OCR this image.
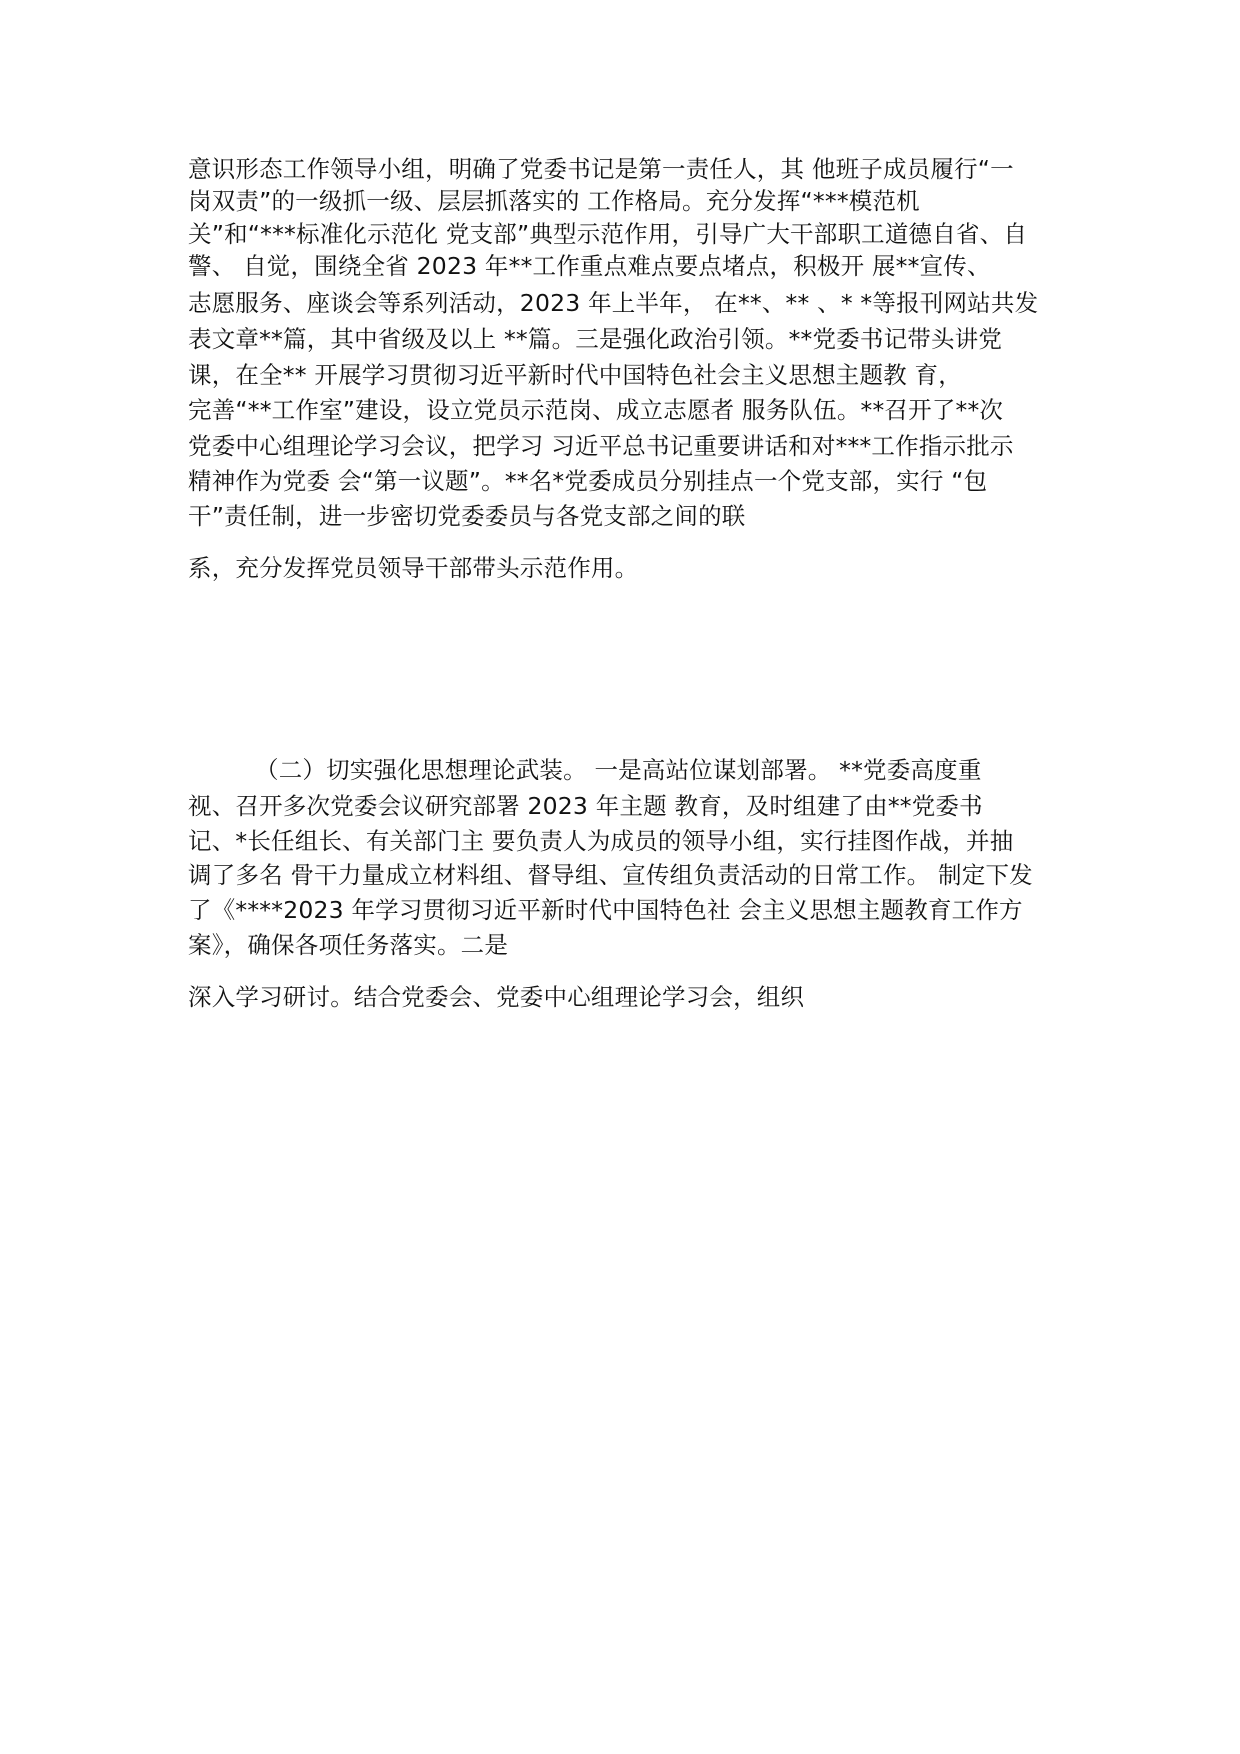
意识形态工作领导小组，明确了党委书记是第一责任人，其 他班子成员履行“一
岗双责”的一级抓一级、层层抓落实的 工作格局。充分发挥“***模范机
关”和“***标准化示范化 党支部”典型示范作用，引导广大干部职工道德自省、自
警、 自觉，围绕全省 2023 年**工作重点难点要点堵点，积极开 展**宣传、
志愿服务、座谈会等系列活动，2023 年上半年， 在**、** 、* *等报刊网站共发
表文章**篇，其中省级及以上 **篇。三是强化政治引领。**党委书记带头讲党
课，在全** 开展学习贯彻习近平新时代中国特色社会主义思想主题教 育，
完善“**工作室”建设，设立党员示范岗、成立志愿者 服务队伍。**召开了**次
党委中心组理论学习会议，把学习 习近平总书记重要讲话和对***工作指示批示
精神作为党委 会“第一议题”。**名*党委成员分别挂点一个党支部，实行 “包
干”责任制，进一步密切党委委员与各党支部之间的联
系，充分发挥党员领导干部带头示范作用。
（二）切实强化思想理论武装。 一是高站位谋划部署。 **党委高度重
视、召开多次党委会议研究部署 2023 年主题 教育，及时组建了由**党委书
记、*长任组长、有关部门主 要负责人为成员的领导小组，实行挂图作战，并抽
调了多名 骨干力量成立材料组、督导组、宣传组负责活动的日常工作。 制定下发
了《****2023 年学习贯彻习近平新时代中国特色社 会主义思想主题教育工作方
案》，确保各项任务落实。二是
深入学习研讨。结合党委会、党委中心组理论学习会，组织
